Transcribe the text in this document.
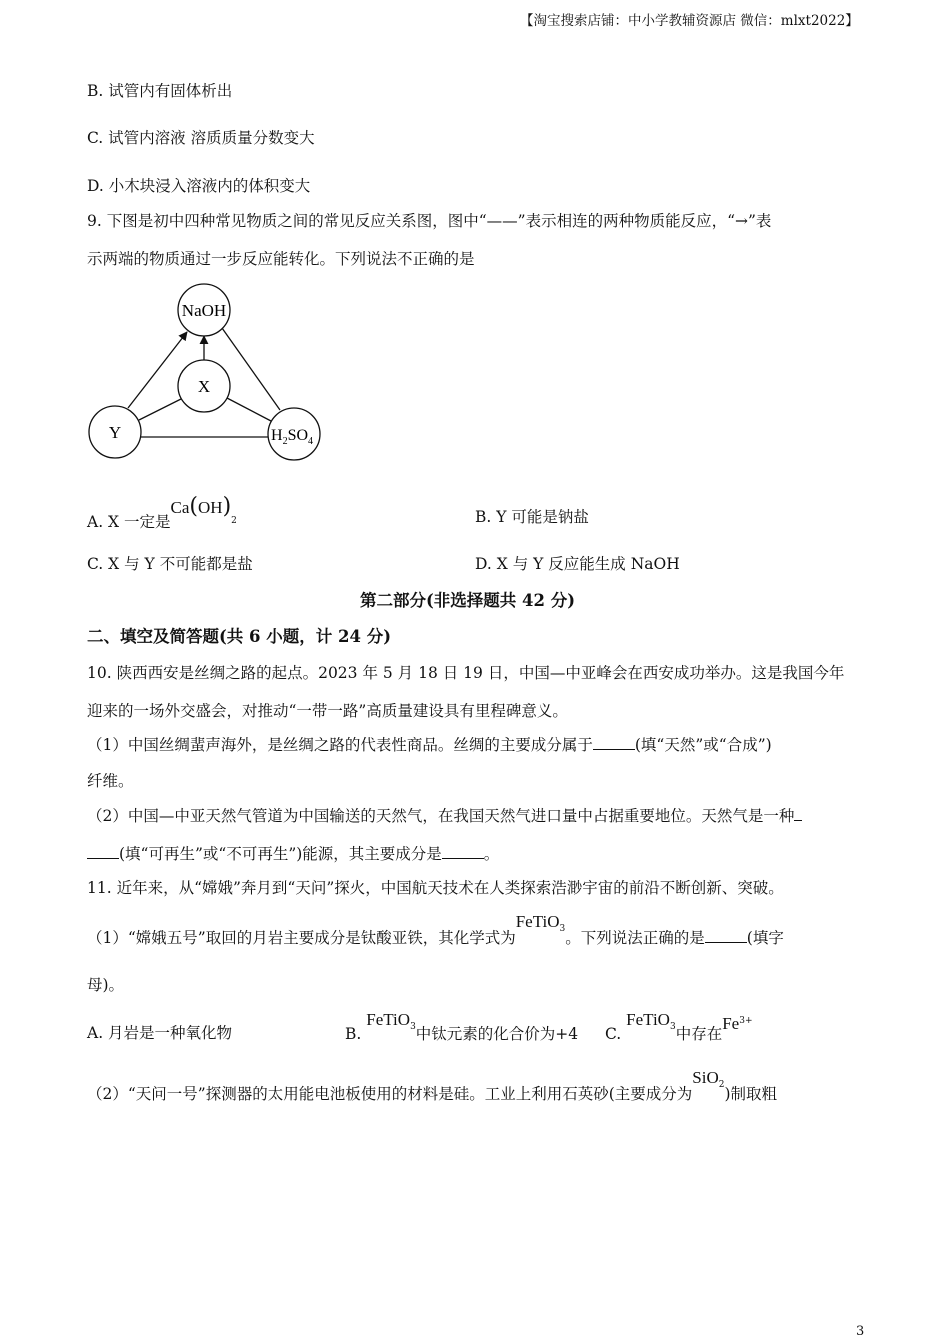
【淘宝搜索店铺：中小学教辅资源店 微信：mlxt2022】
B. 试管内有固体析出
C. 试管内溶液 溶质质量分数变大
D. 小木块浸入溶液内的体积变大
9. 下图是初中四种常见物质之间的常见反应关系图，图中“——”表示相连的两种物质能反应，“→”表
示两端的物质通过一步反应能转化。下列说法不正确的是
NaOH
X
Y	$H_2SO_4$
A. X 一定是$Ca(OH)_2$	B. Y 可能是钠盐
C. X 与 Y 不可能都是盐	D. X 与 Y 反应能生成 NaOH
第二部分(非选择题共 42 分)
二、填空及简答题(共 6 小题，计 24 分)
10. 陕西西安是丝绸之路的起点。2023 年 5 月 18 日 19 日，中国—中亚峰会在西安成功举办。这是我国今年
迎来的一场外交盛会，对推动“一带一路”高质量建设具有里程碑意义。
（1）中国丝绸蜚声海外，是丝绸之路的代表性商品。丝绸的主要成分属于	(填“天然”或“合成”)
纤维。
（2）中国—中亚天然气管道为中国输送的天然气，在我国天然气进口量中占据重要地位。天然气是一种
(填“可再生”或“不可再生”)能源，其主要成分是	。
11. 近年来，从“嫦娥”奔月到“天问”探火，中国航天技术在人类探索浩渺宇宙的前沿不断创新、突破。
（1）“嫦娥五号”取回的月岩主要成分是钛酸亚铁，其化学式为FeTiO$_3$。下列说法正确的是	(填字
母)。
A. 月岩是一种氧化物	B. FeTiO$_3$中钛元素的化合价为+4 C. FeTiO$_3$中存在Fe3+
（2）“天问一号”探测器的太用能电池板使用的材料是硅。工业上利用石英砂(主要成分为SiO$_2$)制取粗
3
